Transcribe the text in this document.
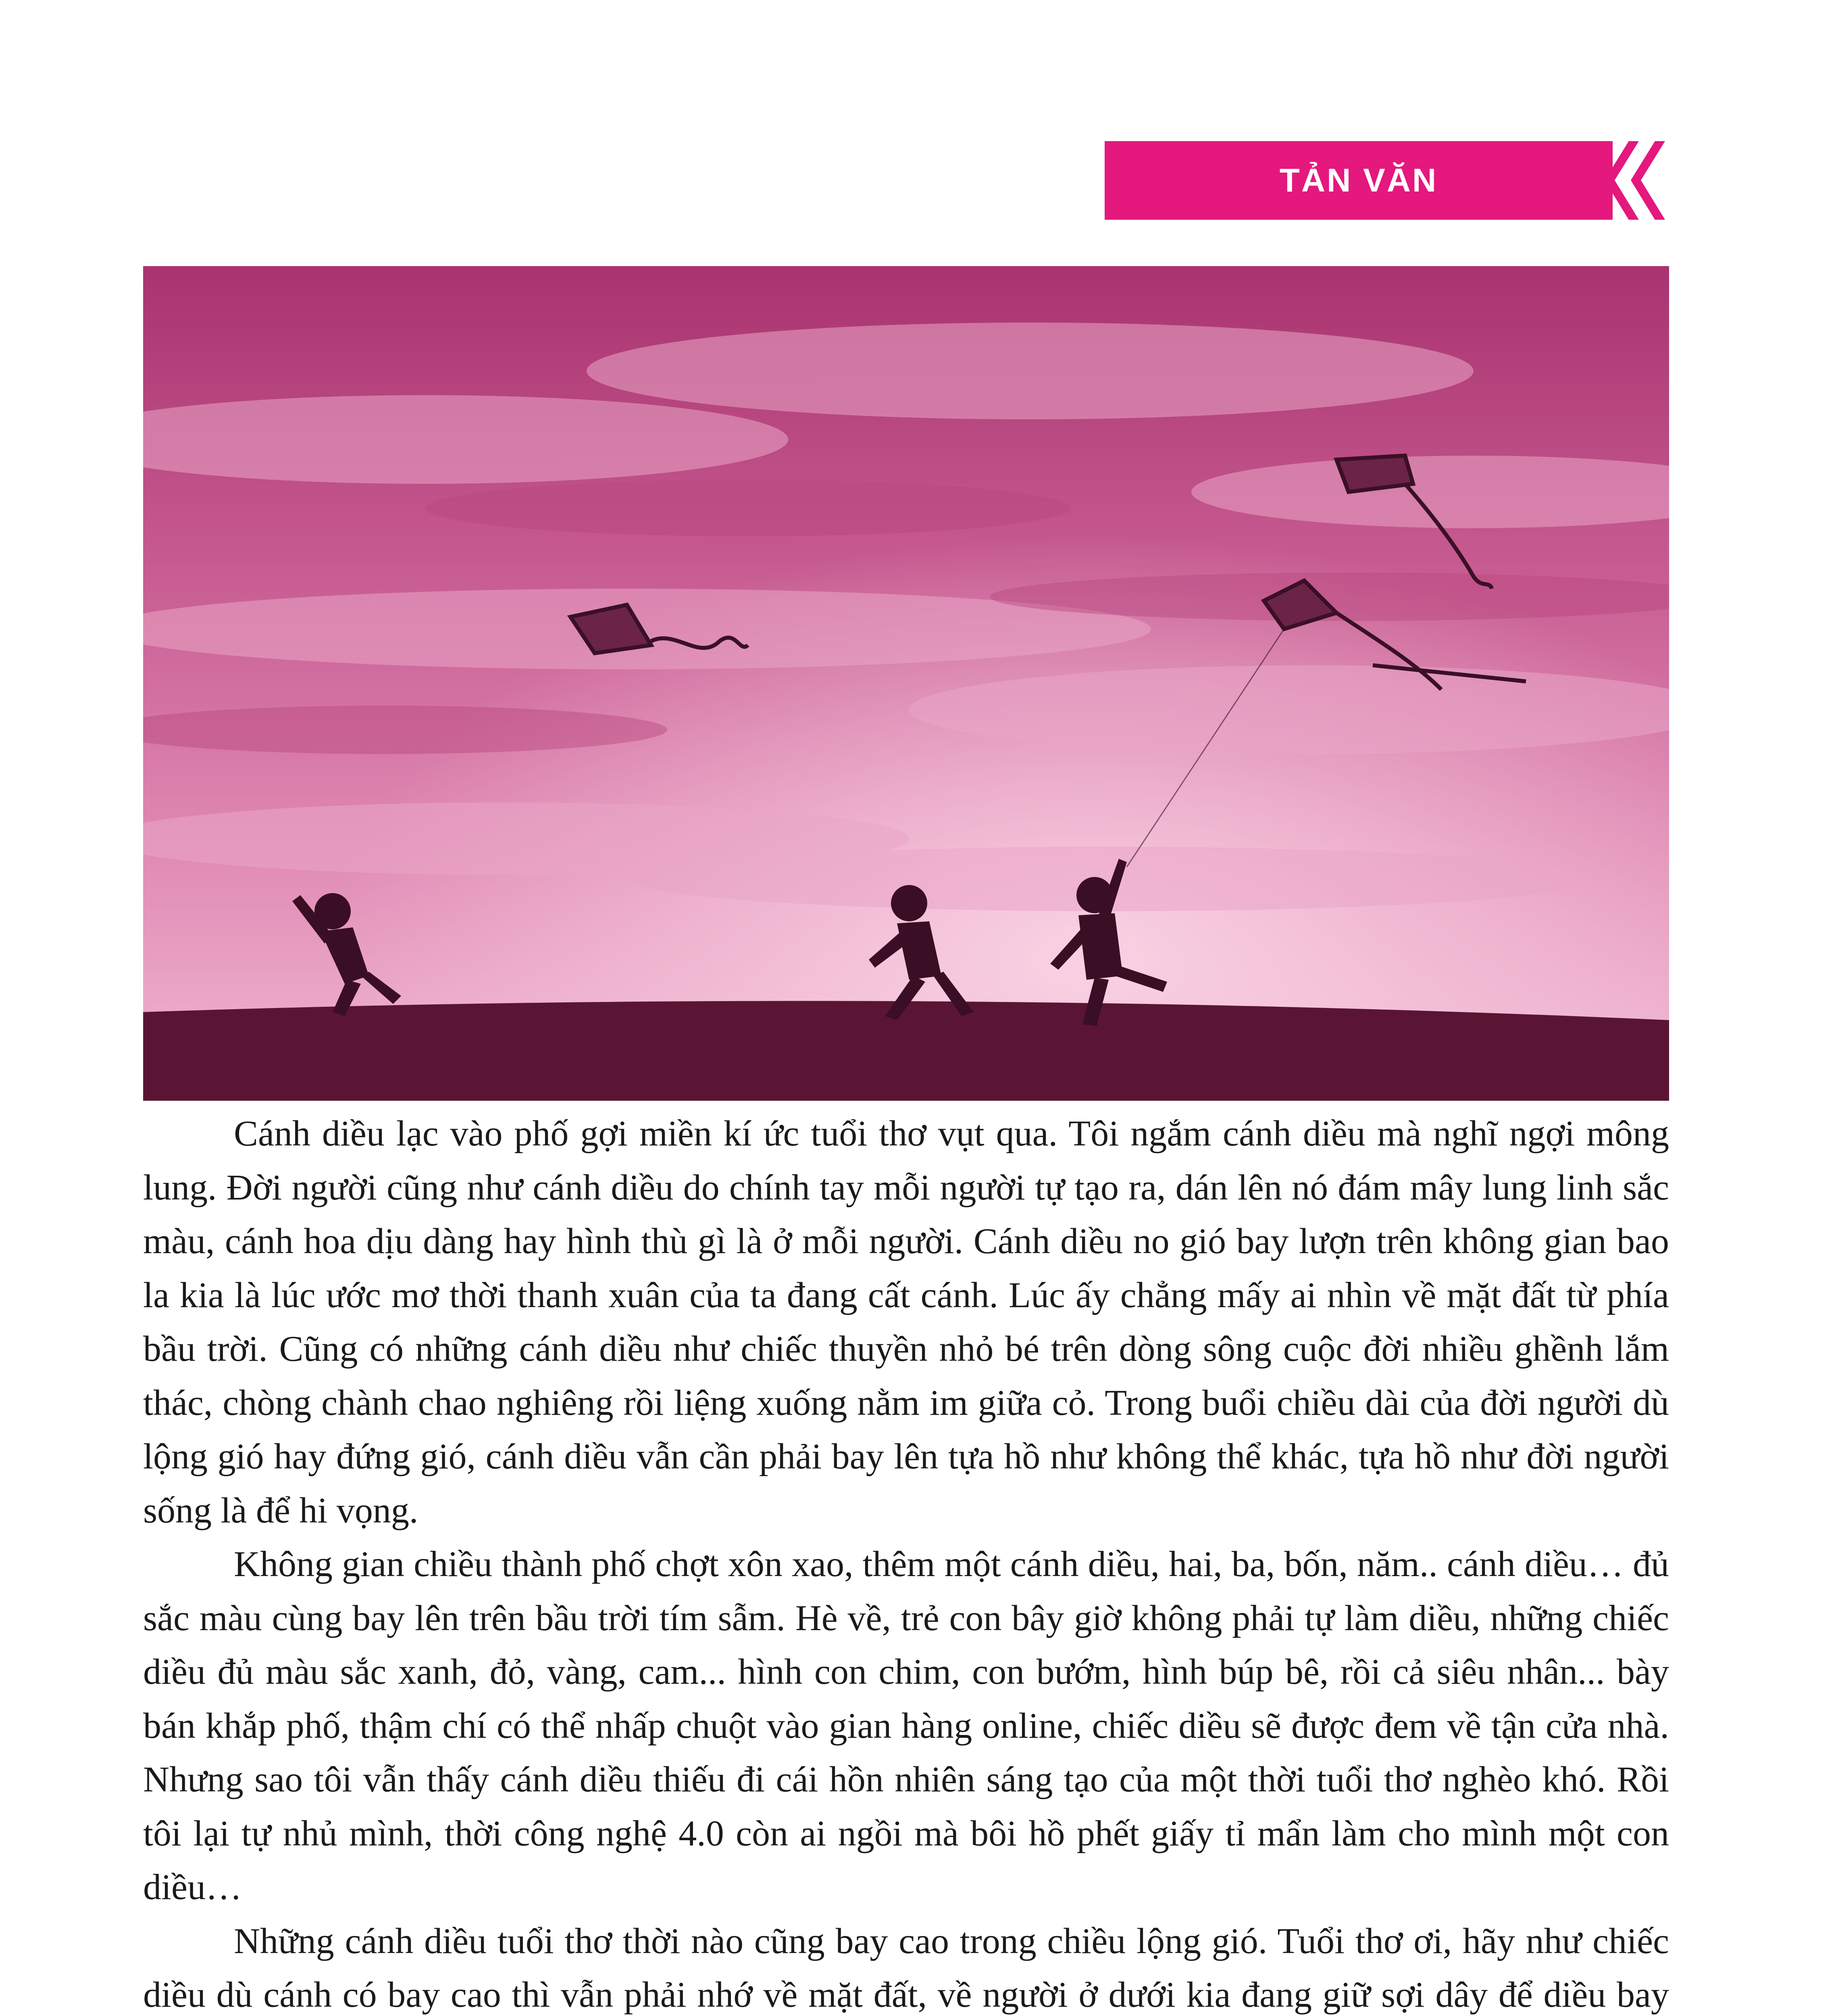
TẢN VĂN

Cánh diều lạc vào phố gợi miền kí ức tuổi thơ vụt qua. Tôi ngắm cánh diều mà nghĩ ngợi mông lung. Đời người cũng như cánh diều do chính tay mỗi người tự tạo ra, dán lên nó đám mây lung linh sắc màu, cánh hoa dịu dàng hay hình thù gì là ở mỗi người. Cánh diều no gió bay lượn trên không gian bao la kia là lúc ước mơ thời thanh xuân của ta đang cất cánh. Lúc ấy chẳng mấy ai nhìn về mặt đất từ phía bầu trời. Cũng có những cánh diều như chiếc thuyền nhỏ bé trên dòng sông cuộc đời nhiều ghềnh lắm thác, chòng chành chao nghiêng rồi liệng xuống nằm im giữa cỏ. Trong buổi chiều dài của đời người dù lộng gió hay đứng gió, cánh diều vẫn cần phải bay lên tựa hồ như không thể khác, tựa hồ như đời người sống là để hi vọng.

Không gian chiều thành phố chợt xôn xao, thêm một cánh diều, hai, ba, bốn, năm.. cánh diều… đủ sắc màu cùng bay lên trên bầu trời tím sẫm. Hè về, trẻ con bây giờ không phải tự làm diều, những chiếc diều đủ màu sắc xanh, đỏ, vàng, cam... hình con chim, con bướm, hình búp bê, rồi cả siêu nhân... bày bán khắp phố, thậm chí có thể nhấp chuột vào gian hàng online, chiếc diều sẽ được đem về tận cửa nhà. Nhưng sao tôi vẫn thấy cánh diều thiếu đi cái hồn nhiên sáng tạo của một thời tuổi thơ nghèo khó. Rồi tôi lại tự nhủ mình, thời công nghệ 4.0 còn ai ngồi mà bôi hồ phết giấy tỉ mẩn làm cho mình một con diều…

Những cánh diều tuổi thơ thời nào cũng bay cao trong chiều lộng gió. Tuổi thơ ơi, hãy như chiếc diều dù cánh có bay cao thì vẫn phải nhớ về mặt đất, về người ở dưới kia đang giữ sợi dây để diều bay
